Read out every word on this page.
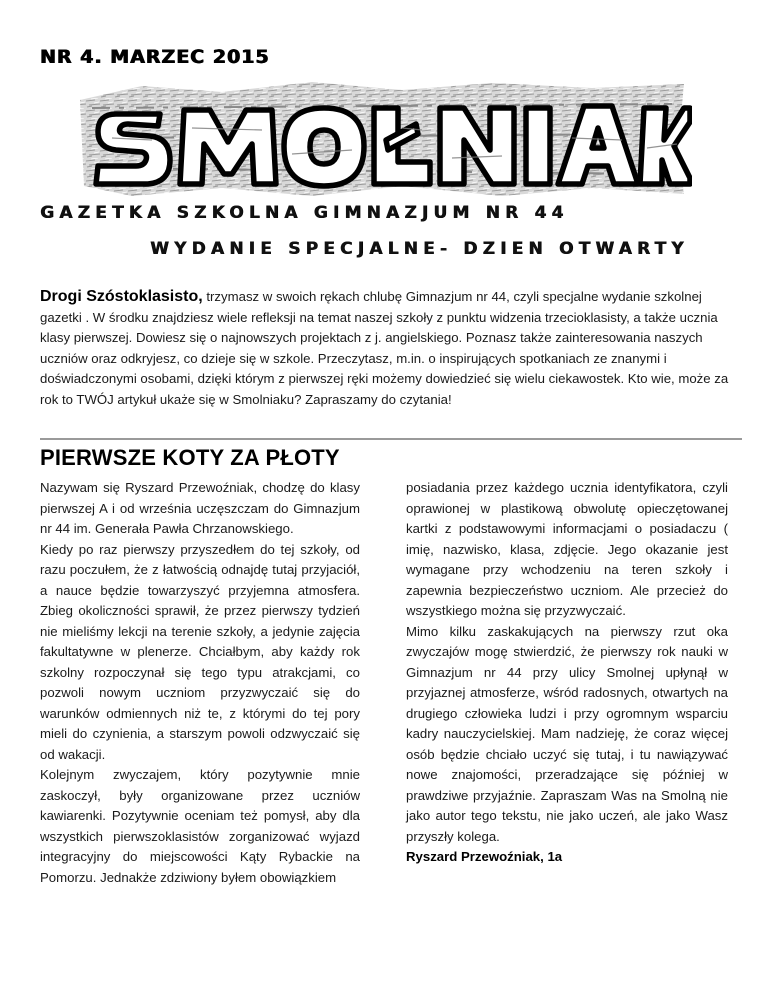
NR 4. MARZEC 2015
GAZETKA SZKOLNA GIMNAZJUM NR 44
WYDANIE SPECJALNE- DZIEN OTWARTY
Drogi Szóstoklasisto, trzymasz w swoich rękach chlubę Gimnazjum nr 44, czyli specjalne wydanie szkolnej gazetki . W środku znajdziesz wiele refleksji na temat naszej szkoły z punktu widzenia trzecioklasisty, a także ucznia klasy pierwszej. Dowiesz się o najnowszych projektach z j. angielskiego. Poznasz także zainteresowania naszych uczniów oraz odkryjesz, co dzieje się w szkole. Przeczytasz, m.in. o inspirujących spotkaniach ze znanymi i doświadczonymi osobami, dzięki którym z pierwszej ręki możemy dowiedzieć się wielu ciekawostek. Kto wie, może za rok to TWÓJ artykuł ukaże się w Smolniaku? Zapraszamy do czytania!
PIERWSZE KOTY ZA PŁOTY

Nazywam się Ryszard Przewoźniak, chodzę do klasy pierwszej A i od września uczęszczam do Gimnazjum nr 44 im. Generała Pawła Chrzanowskiego.
Kiedy po raz pierwszy przyszedłem do tej szkoły, od razu poczułem, że z łatwością odnajdę tutaj przyjaciół, a nauce będzie towarzyszyć przyjemna atmosfera. Zbieg okoliczności sprawił, że przez pierwszy tydzień nie mieliśmy lekcji na terenie szkoły, a jedynie zajęcia fakultatywne w plenerze. Chciałbym, aby każdy rok szkolny rozpoczynał się tego typu atrakcjami, co pozwoli nowym uczniom przyzwyczaić się do warunków odmiennych niż te, z którymi do tej pory mieli do czynienia, a starszym powoli odzwyczaić się od wakacji.
Kolejnym zwyczajem, który pozytywnie mnie zaskoczył, były organizowane przez uczniów kawiarenki. Pozytywnie oceniam też pomysł, aby dla wszystkich pierwszoklasistów zorganizować wyjazd integracyjny do miejscowości Kąty Rybackie na Pomorzu. Jednakże zdziwiony byłem obowiązkiem

posiadania przez każdego ucznia identyfikatora, czyli oprawionej w plastikową obwolutę opieczętowanej kartki z podstawowymi informacjami o posiadaczu ( imię, nazwisko, klasa, zdjęcie. Jego okazanie jest wymagane przy wchodzeniu na teren szkoły i zapewnia bezpieczeństwo uczniom. Ale przecież do wszystkiego można się przyzwyczaić.
Mimo kilku zaskakujących na pierwszy rzut oka zwyczajów mogę stwierdzić, że pierwszy rok nauki w Gimnazjum nr 44 przy ulicy Smolnej upłynął w przyjaznej atmosferze, wśród radosnych, otwartych na drugiego człowieka ludzi i przy ogromnym wsparciu kadry nauczycielskiej. Mam nadzieję, że coraz więcej osób będzie chciało uczyć się tutaj, i tu nawiązywać nowe znajomości, przeradzające się później w prawdziwe przyjaźnie. Zapraszam Was na Smolną nie jako autor tego tekstu, nie jako uczeń, ale jako Wasz przyszły kolega.

Ryszard Przewoźniak, 1a
